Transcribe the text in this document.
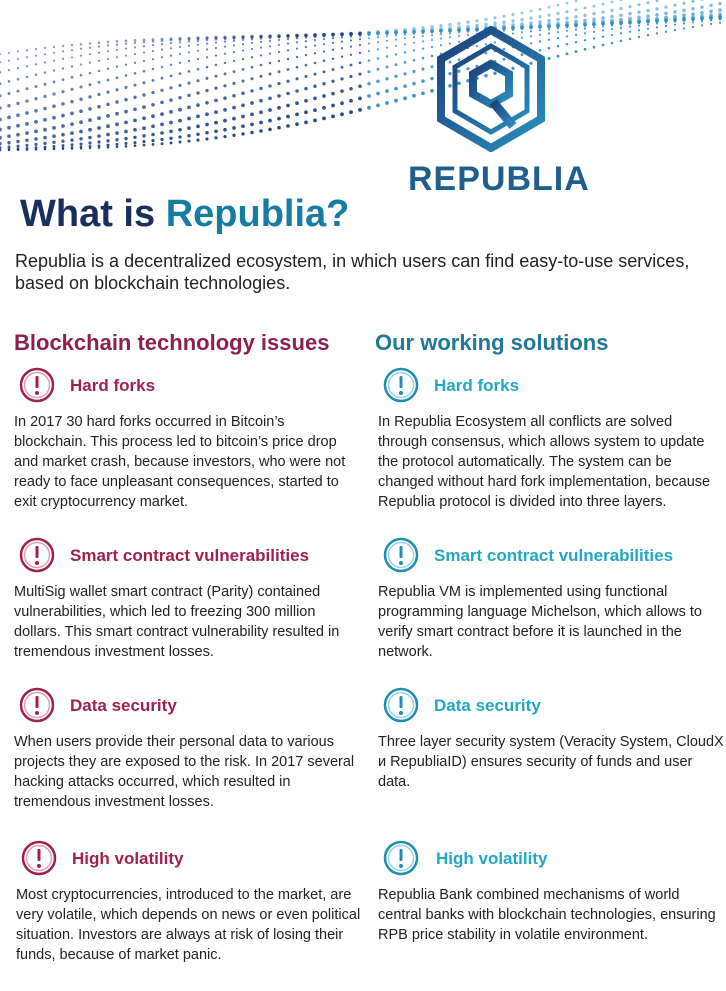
REPUBLIA
What is Republia?
Republia is a decentralized ecosystem, in which users can find easy-to-use services, based on blockchain technologies.
Blockchain technology issues Our working solutions
Hard forks
In 2017 30 hard forks occurred in Bitcoin’s blockchain. This process led to bitcoin’s price drop and market crash, because investors, who were not ready to face unpleasant consequences, started to exit cryptocurrency market.
Smart contract vulnerabilities
MultiSig wallet smart contract (Parity) contained vulnerabilities, which led to freezing 300 million dollars. This smart contract vulnerability resulted in tremendous investment losses.
Data security
When users provide their personal data to various projects they are exposed to the risk. In 2017 several hacking attacks occurred, which resulted in tremendous investment losses.
High volatility
Most cryptocurrencies, introduced to the market, are very volatile, which depends on news or even political situation. Investors are always at risk of losing their funds, because of market panic.
Hard forks
In Republia Ecosystem all conflicts are solved through consensus, which allows system to update the protocol automatically. The system can be changed without hard fork implementation, because Republia protocol is divided into three layers.
Smart contract vulnerabilities
Republia VM is implemented using functional programming language Michelson, which allows to verify smart contract before it is launched in the network.
Data security
Three layer security system (Veracity System, CloudX и RepubliaID) ensures security of funds and user data.
High volatility
Republia Bank combined mechanisms of world central banks with blockchain technologies, ensuring RPB price stability in volatile environment.
